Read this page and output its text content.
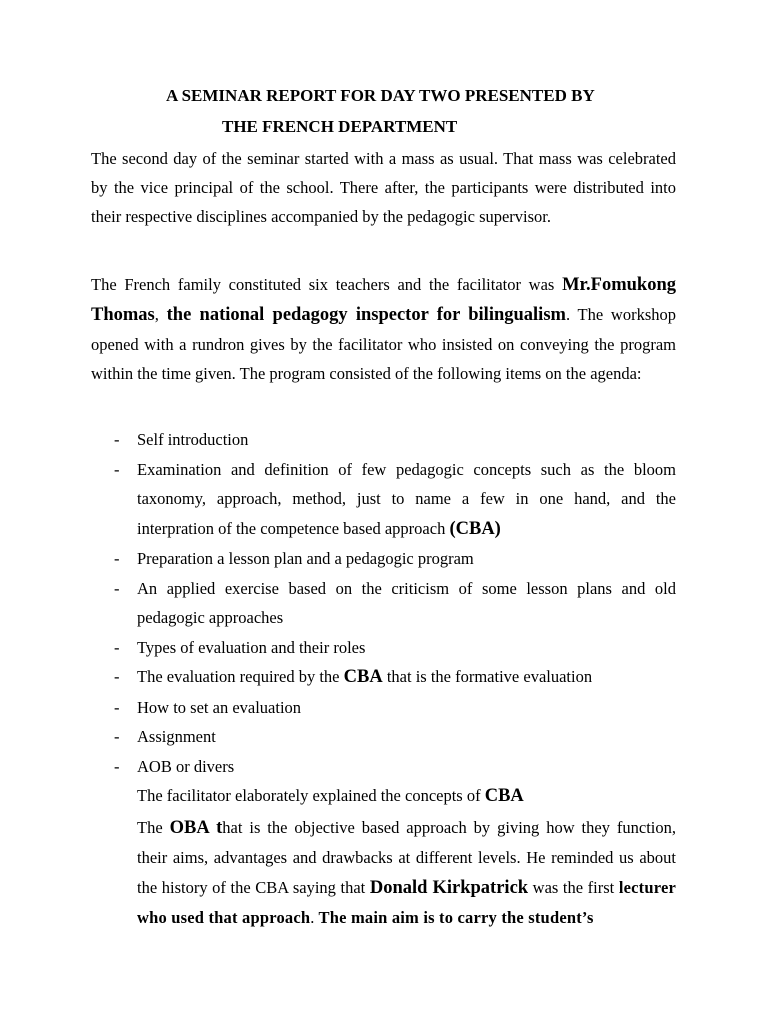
A SEMINAR REPORT FOR DAY TWO PRESENTED BY
THE FRENCH DEPARTMENT

The second day of the seminar started with a mass as usual. That mass was celebrated by the vice principal of the school. There after, the participants were distributed into their respective disciplines accompanied by the pedagogic supervisor.

The French family constituted six teachers and the facilitator was Mr.Fomukong Thomas, the national pedagogy inspector for bilingualism. The workshop opened with a rundron gives by the facilitator who insisted on conveying the program within the time given. The program consisted of the following items on the agenda:

- Self introduction
- Examination and definition of few pedagogic concepts such as the bloom taxonomy, approach, method, just to name a few in one hand, and the interpration of the competence based approach (CBA)
- Preparation a lesson plan and a pedagogic program
- An applied exercise based on the criticism of some lesson plans and old pedagogic approaches
- Types of evaluation and their roles
- The evaluation required by the CBA that is the formative evaluation
- How to set an evaluation
- Assignment
- AOB or divers

The facilitator elaborately explained the concepts of CBA

The OBA that is the objective based approach by giving how they function, their aims, advantages and drawbacks at different levels. He reminded us about the history of the CBA saying that Donald Kirkpatrick was the first lecturer who used that approach. The main aim is to carry the student’s
